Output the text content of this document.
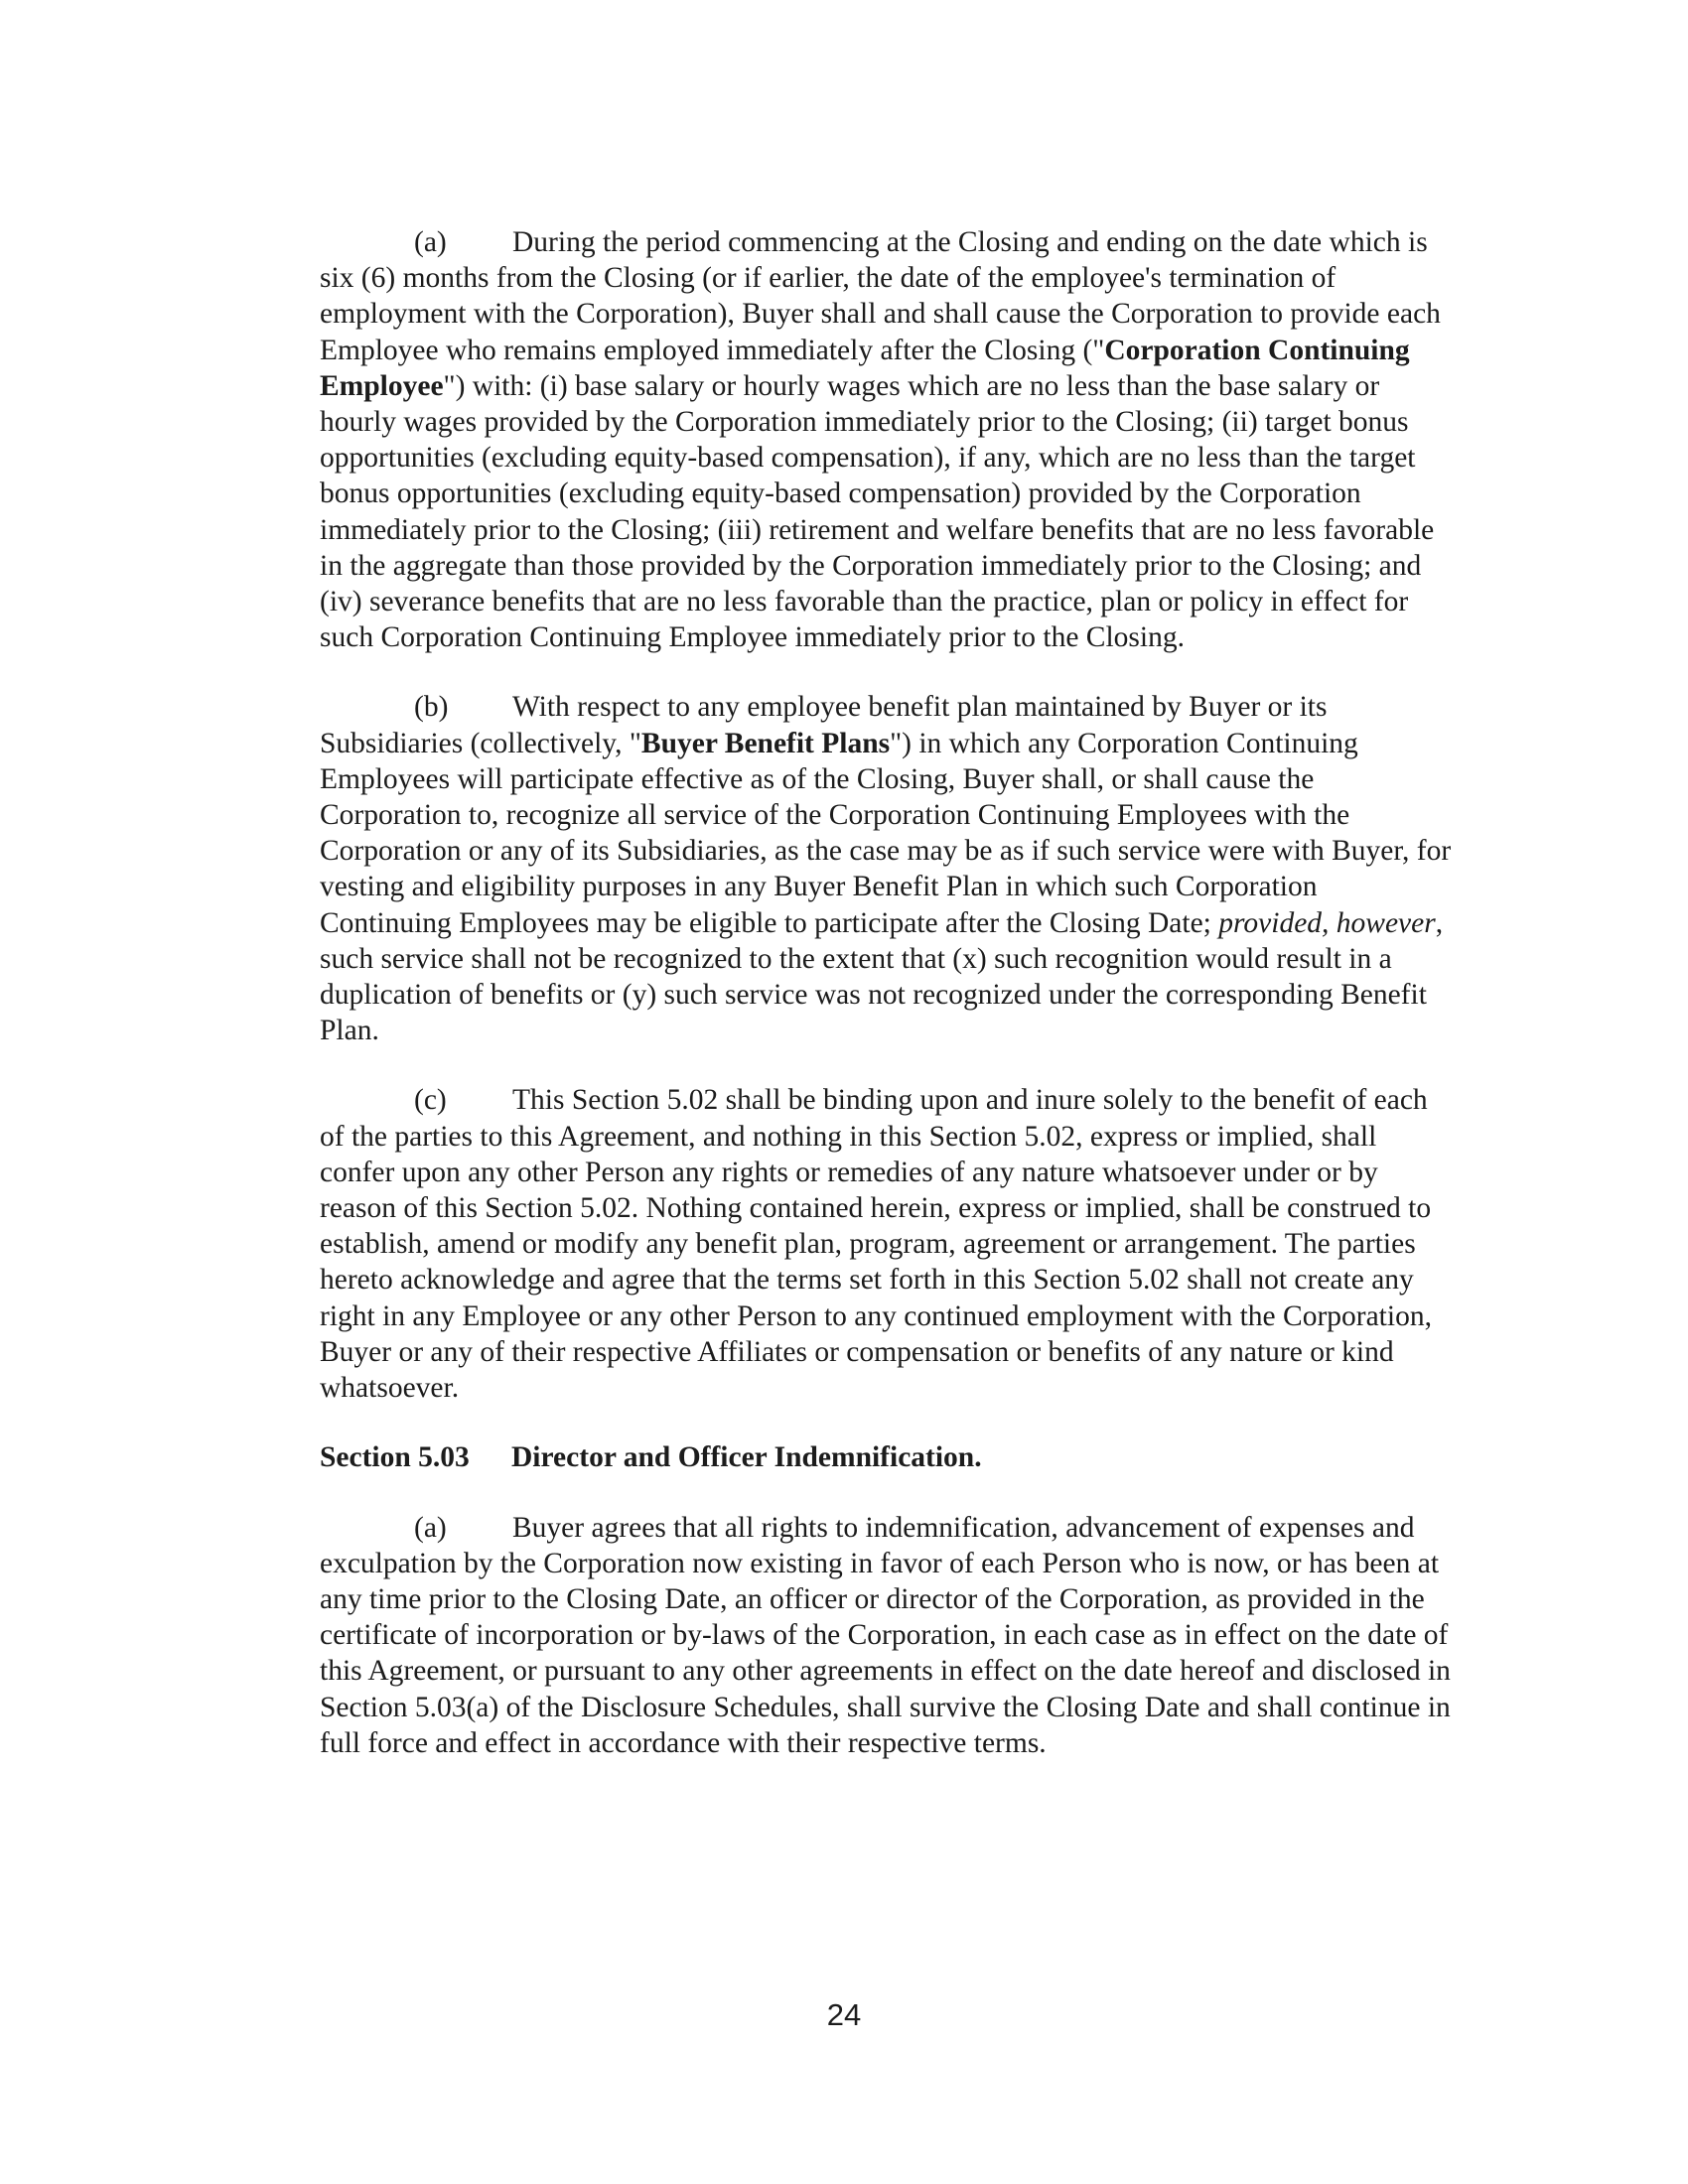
(a) During the period commencing at the Closing and ending on the date which is six (6) months from the Closing (or if earlier, the date of the employee's termination of employment with the Corporation), Buyer shall and shall cause the Corporation to provide each Employee who remains employed immediately after the Closing ("Corporation Continuing Employee") with: (i) base salary or hourly wages which are no less than the base salary or hourly wages provided by the Corporation immediately prior to the Closing; (ii) target bonus opportunities (excluding equity-based compensation), if any, which are no less than the target bonus opportunities (excluding equity-based compensation) provided by the Corporation immediately prior to the Closing; (iii) retirement and welfare benefits that are no less favorable in the aggregate than those provided by the Corporation immediately prior to the Closing; and (iv) severance benefits that are no less favorable than the practice, plan or policy in effect for such Corporation Continuing Employee immediately prior to the Closing.

(b) With respect to any employee benefit plan maintained by Buyer or its Subsidiaries (collectively, "Buyer Benefit Plans") in which any Corporation Continuing Employees will participate effective as of the Closing, Buyer shall, or shall cause the Corporation to, recognize all service of the Corporation Continuing Employees with the Corporation or any of its Subsidiaries, as the case may be as if such service were with Buyer, for vesting and eligibility purposes in any Buyer Benefit Plan in which such Corporation Continuing Employees may be eligible to participate after the Closing Date; provided, however, such service shall not be recognized to the extent that (x) such recognition would result in a duplication of benefits or (y) such service was not recognized under the corresponding Benefit Plan.

(c) This Section 5.02 shall be binding upon and inure solely to the benefit of each of the parties to this Agreement, and nothing in this Section 5.02, express or implied, shall confer upon any other Person any rights or remedies of any nature whatsoever under or by reason of this Section 5.02. Nothing contained herein, express or implied, shall be construed to establish, amend or modify any benefit plan, program, agreement or arrangement. The parties hereto acknowledge and agree that the terms set forth in this Section 5.02 shall not create any right in any Employee or any other Person to any continued employment with the Corporation, Buyer or any of their respective Affiliates or compensation or benefits of any nature or kind whatsoever.

Section 5.03 Director and Officer Indemnification.

(a) Buyer agrees that all rights to indemnification, advancement of expenses and exculpation by the Corporation now existing in favor of each Person who is now, or has been at any time prior to the Closing Date, an officer or director of the Corporation, as provided in the certificate of incorporation or by-laws of the Corporation, in each case as in effect on the date of this Agreement, or pursuant to any other agreements in effect on the date hereof and disclosed in Section 5.03(a) of the Disclosure Schedules, shall survive the Closing Date and shall continue in full force and effect in accordance with their respective terms.

24
